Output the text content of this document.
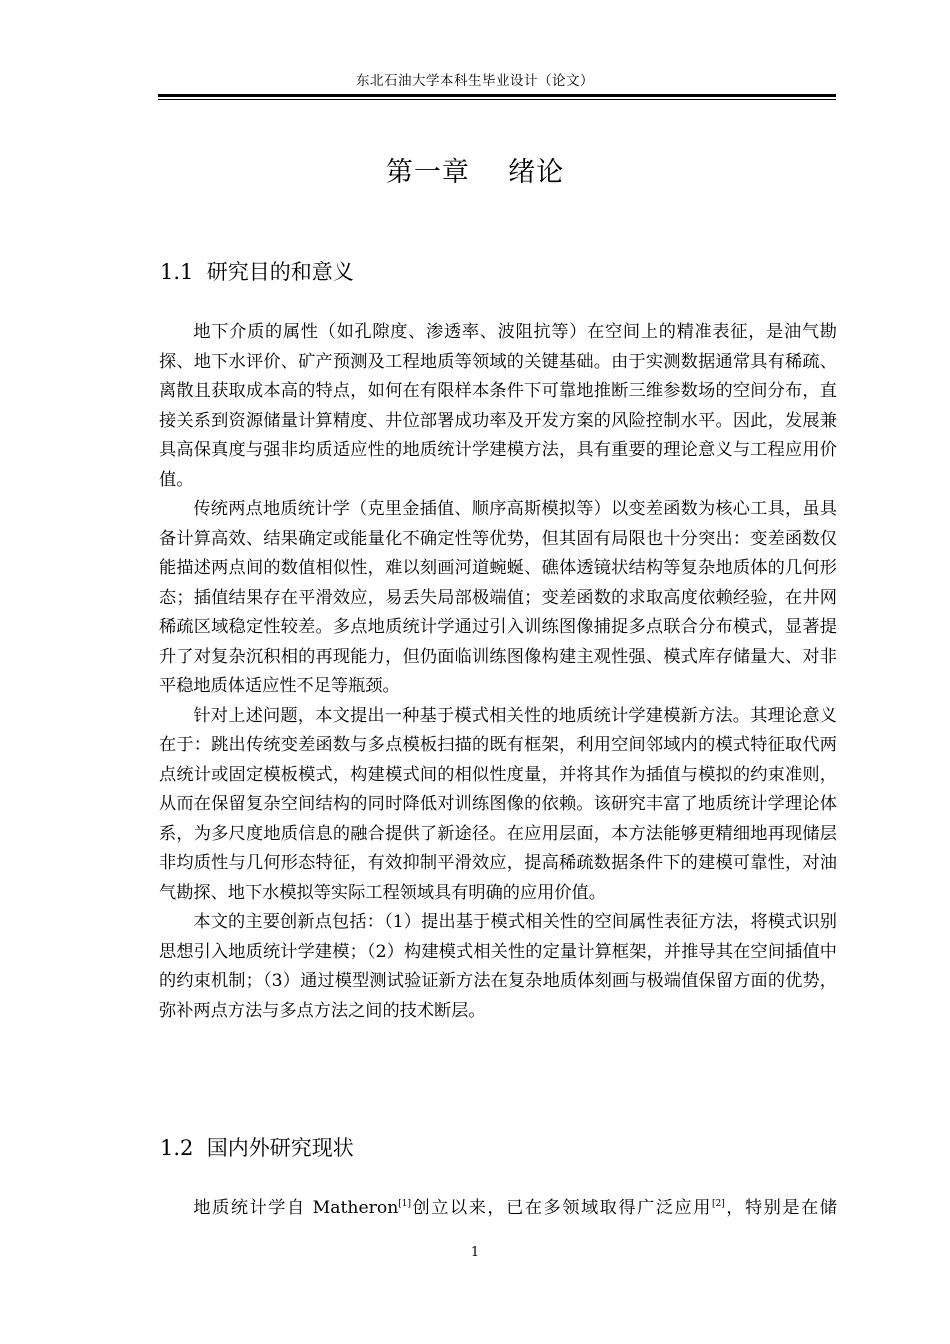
东北石油大学本科生毕业设计（论文）
第一章    绪论
1.1  研究目的和意义

地下介质的属性（如孔隙度、渗透率、波阻抗等）在空间上的精准表征，是油气勘探、地下水评价、矿产预测及工程地质等领域的关键基础。由于实测数据通常具有稀疏、离散且获取成本高的特点，如何在有限样本条件下可靠地推断三维参数场的空间分布，直接关系到资源储量计算精度、井位部署成功率及开发方案的风险控制水平。因此，发展兼具高保真度与强非均质适应性的地质统计学建模方法，具有重要的理论意义与工程应用价值。

传统两点地质统计学（克里金插值、顺序高斯模拟等）以变差函数为核心工具，虽具备计算高效、结果确定或能量化不确定性等优势，但其固有局限也十分突出：变差函数仅能描述两点间的数值相似性，难以刻画河道蜿蜒、礁体透镜状结构等复杂地质体的几何形态；插值结果存在平滑效应，易丢失局部极端值；变差函数的求取高度依赖经验，在井网稀疏区域稳定性较差。多点地质统计学通过引入训练图像捕捉多点联合分布模式，显著提升了对复杂沉积相的再现能力，但仍面临训练图像构建主观性强、模式库存储量大、对非平稳地质体适应性不足等瓶颈。

针对上述问题，本文提出一种基于模式相关性的地质统计学建模新方法。其理论意义在于：跳出传统变差函数与多点模板扫描的既有框架，利用空间邻域内的模式特征取代两点统计或固定模板模式，构建模式间的相似性度量，并将其作为插值与模拟的约束准则，从而在保留复杂空间结构的同时降低对训练图像的依赖。该研究丰富了地质统计学理论体系，为多尺度地质信息的融合提供了新途径。在应用层面，本方法能够更精细地再现储层非均质性与几何形态特征，有效抑制平滑效应，提高稀疏数据条件下的建模可靠性，对油气勘探、地下水模拟等实际工程领域具有明确的应用价值。

本文的主要创新点包括：（1）提出基于模式相关性的空间属性表征方法，将模式识别思想引入地质统计学建模；（2）构建模式相关性的定量计算框架，并推导其在空间插值中的约束机制；（3）通过模型测试验证新方法在复杂地质体刻画与极端值保留方面的优势，弥补两点方法与多点方法之间的技术断层。

1.2  国内外研究现状

地质统计学自 Matheron[1]创立以来，已在多领域取得广泛应用[2]，特别是在储

1
